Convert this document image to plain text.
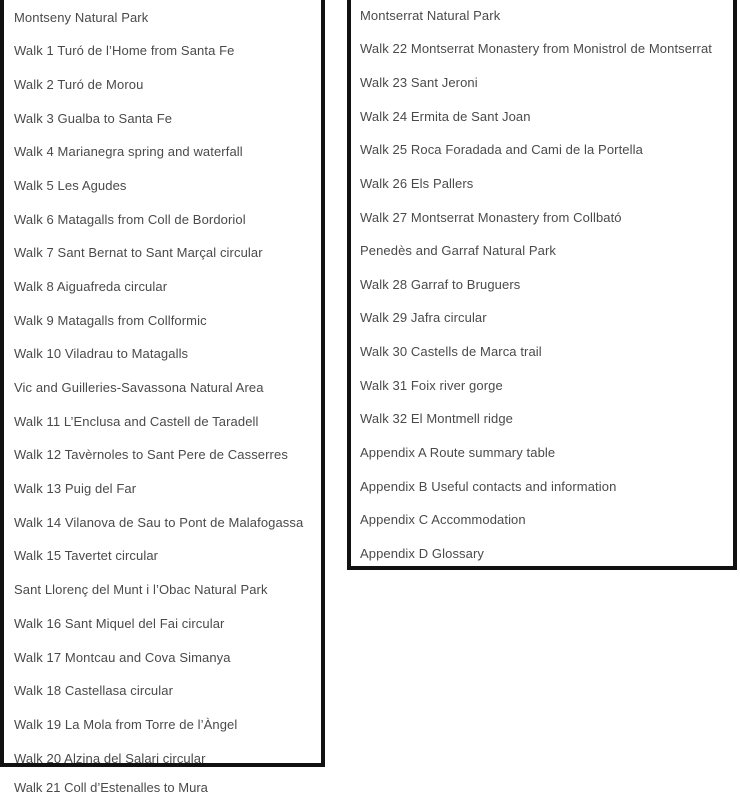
Montseny Natural Park
Walk 1 Turó de l’Home from Santa Fe
Walk 2 Turó de Morou
Walk 3 Gualba to Santa Fe
Walk 4 Marianegra spring and waterfall
Walk 5 Les Agudes
Walk 6 Matagalls from Coll de Bordoriol
Walk 7 Sant Bernat to Sant Marçal circular
Walk 8 Aiguafreda circular
Walk 9 Matagalls from Collformic
Walk 10 Viladrau to Matagalls
Vic and Guilleries-Savassona Natural Area
Walk 11 L’Enclusa and Castell de Taradell
Walk 12 Tavèrnoles to Sant Pere de Casserres
Walk 13 Puig del Far
Walk 14 Vilanova de Sau to Pont de Malafogassa
Walk 15 Tavertet circular
Sant Llorenç del Munt i l’Obac Natural Park
Walk 16 Sant Miquel del Fai circular
Walk 17 Montcau and Cova Simanya
Walk 18 Castellasa circular
Walk 19 La Mola from Torre de l’Àngel
Walk 20 Alzina del Salari circular
Walk 21 Coll d’Estenalles to Mura
Montserrat Natural Park
Walk 22 Montserrat Monastery from Monistrol de Montserrat
Walk 23 Sant Jeroni
Walk 24 Ermita de Sant Joan
Walk 25 Roca Foradada and Cami de la Portella
Walk 26 Els Pallers
Walk 27 Montserrat Monastery from Collbató
Penedès and Garraf Natural Park
Walk 28 Garraf to Bruguers
Walk 29 Jafra circular
Walk 30 Castells de Marca trail
Walk 31 Foix river gorge
Walk 32 El Montmell ridge
Appendix A Route summary table
Appendix B Useful contacts and information
Appendix C Accommodation
Appendix D Glossary
